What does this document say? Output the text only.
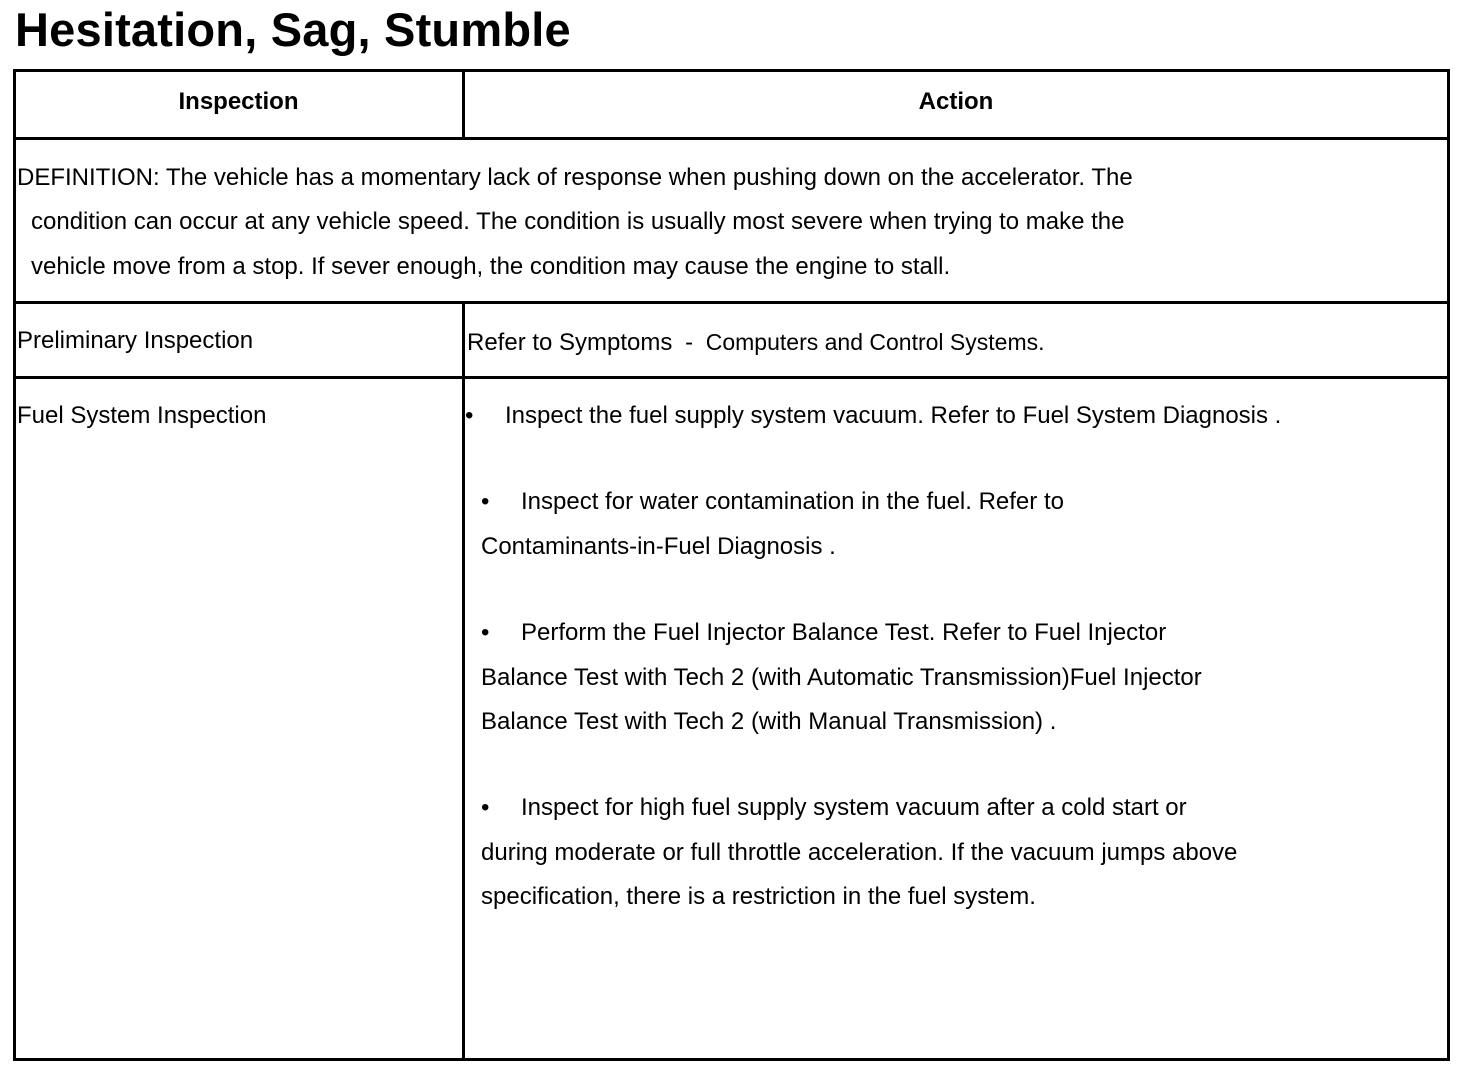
Hesitation, Sag, Stumble
Inspection	Action
DEFINITION: The vehicle has a momentary lack of response when pushing down on the accelerator. The
condition can occur at any vehicle speed. The condition is usually most severe when trying to make the
vehicle move from a stop. If sever enough, the condition may cause the engine to stall.
Preliminary Inspection	Refer to Symptoms - Computers and Control Systems.
Fuel System Inspection	•	Inspect the fuel supply system vacuum. Refer to Fuel System Diagnosis .
•	Inspect for water contamination in the fuel. Refer to
Contaminants-in-Fuel Diagnosis .
•	Perform the Fuel Injector Balance Test. Refer to Fuel Injector
Balance Test with Tech 2 (with Automatic Transmission)Fuel Injector
Balance Test with Tech 2 (with Manual Transmission) .
•	Inspect for high fuel supply system vacuum after a cold start or
during moderate or full throttle acceleration. If the vacuum jumps above
specification, there is a restriction in the fuel system.
